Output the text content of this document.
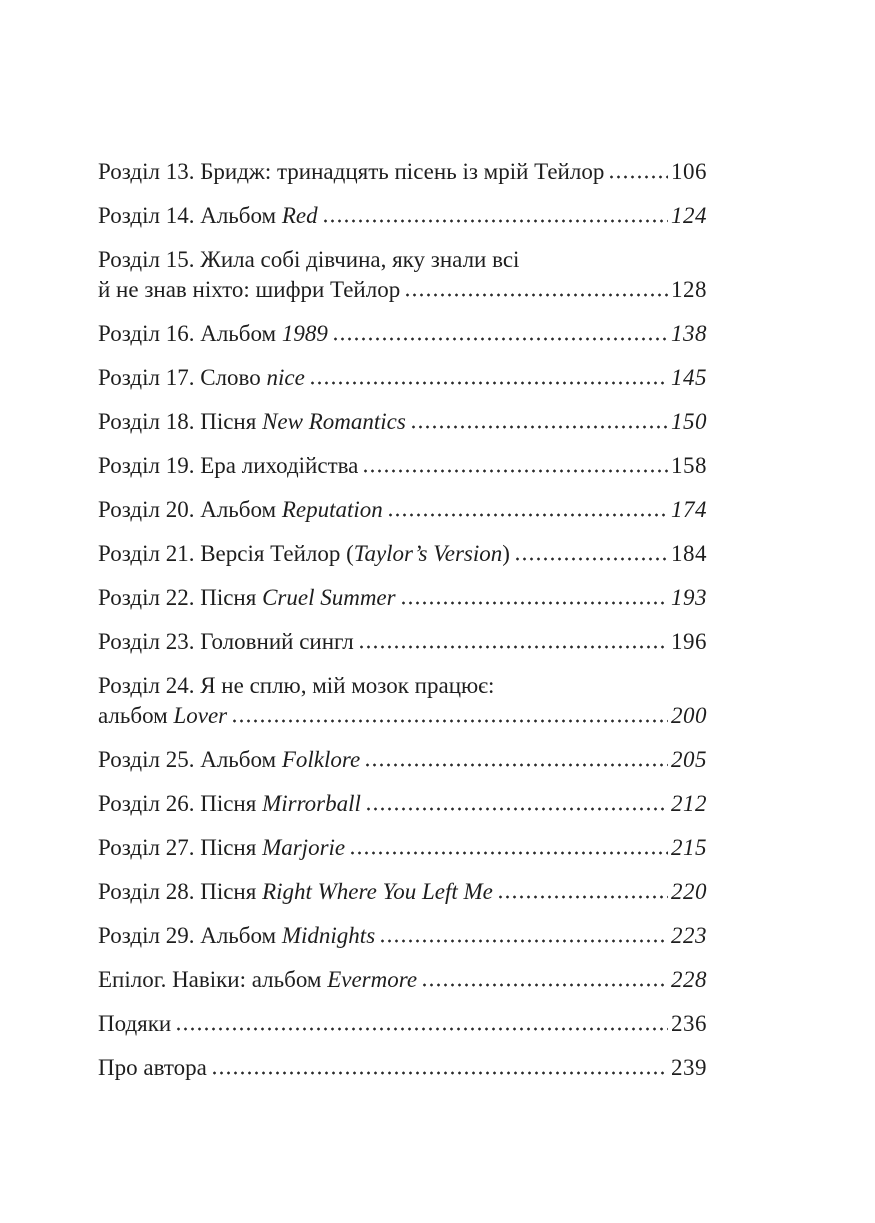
Розділ 13. Бридж: тринадцять пісень із мрій Тейлор	106
Розділ 14. Альбом Red	124
Розділ 15. Жила собі дівчина, яку знали всі
й не знав ніхто: шифри Тейлор	128
Розділ 16. Альбом 1989	138
Розділ 17. Слово nice	145
Розділ 18. Пісня New Romantics	150
Розділ 19. Ера лиходійства	158
Розділ 20. Альбом Reputation	174
Розділ 21. Версія Тейлор (Taylor’s Version)	184
Розділ 22. Пісня Cruel Summer	193
Розділ 23. Головний сингл	196
Розділ 24. Я не сплю, мій мозок працює:
альбом Lover	200
Розділ 25. Альбом Folklore	205
Розділ 26. Пісня Mirrorball	212
Розділ 27. Пісня Marjorie	215
Розділ 28. Пісня Right Where You Left Me	220
Розділ 29. Альбом Midnights	223
Епілог. Навіки: альбом Evermore	228
Подяки	236
Про автора	239
